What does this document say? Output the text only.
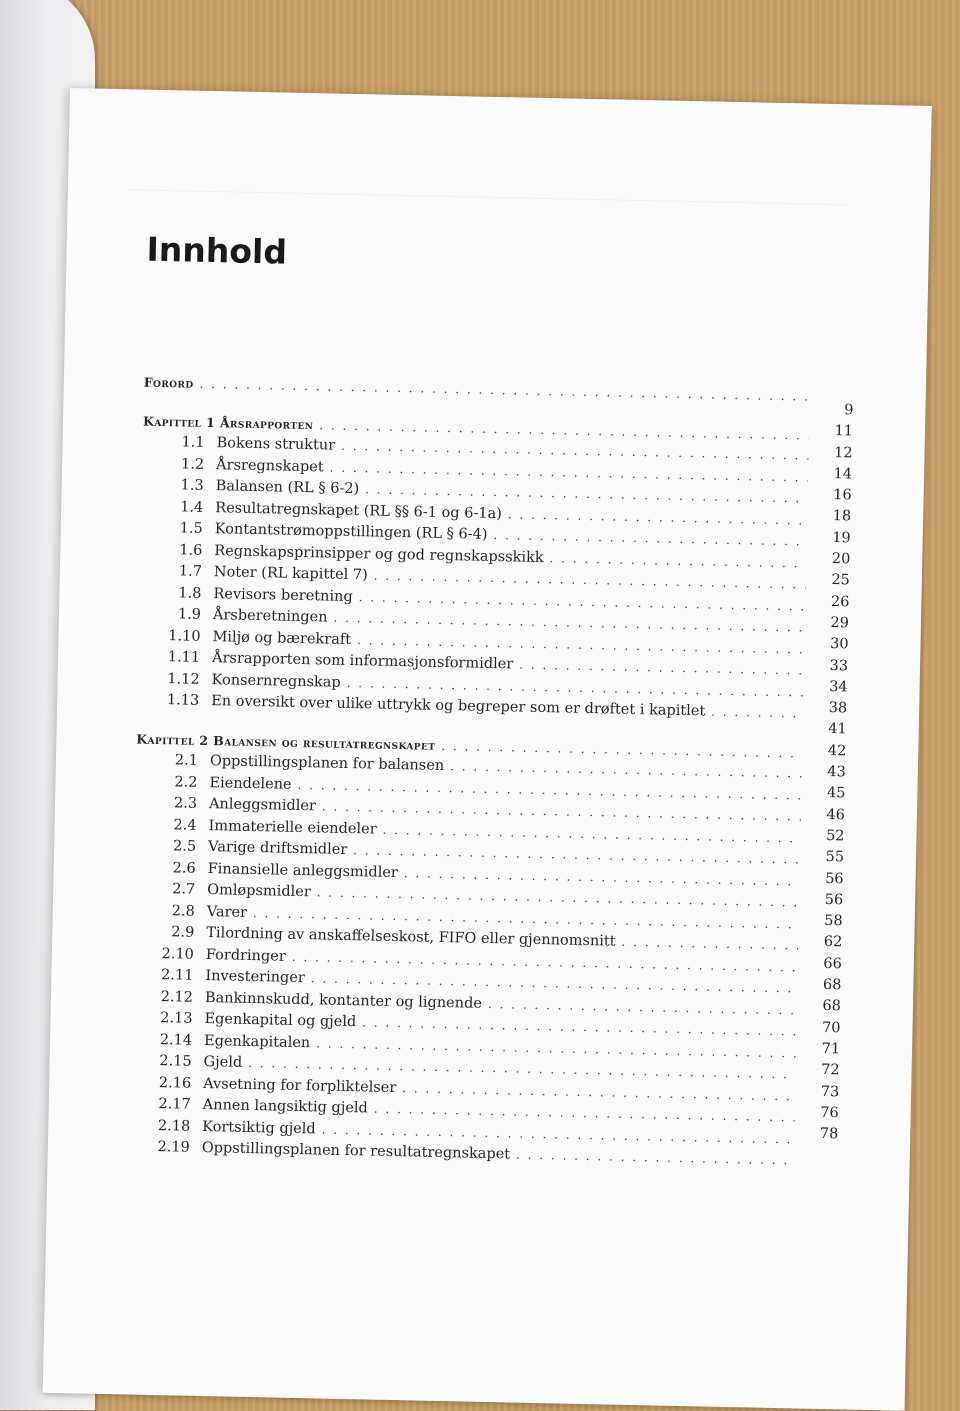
Innhold
Forord
. . .
Kapittel 1 Årsrapporten
. . .
1.1 Bokens struktur
. . .
1.2 Årsregnskapet
. . .
1.3 Balansen (RL § 6-2)
. . .
1.4 Resultatregnskapet (RL §§ 6-1 og 6-1a)
. . .
1.5 Kontantstrømoppstillingen (RL § 6-4)
. . .
1.6 Regnskapsprinsipper og god regnskapsskikk
. . .
1.7 Noter (RL kapittel 7)
. . .
1.8 Revisors beretning
. . .
1.9 Årsberetningen
. . .
1.10 Miljø og bærekraft
. . .
1.11 Årsrapporten som informasjonsformidler
. . .
1.12 Konsernregnskap
. . .
1.13 En oversikt over ulike uttrykk og begreper som er drøftet i kapitlet
. . .
Kapittel 2 Balansen og resultatregnskapet
. . .
2.1 Oppstillingsplanen for balansen
. . .
2.2 Eiendelene
. . .
2.3 Anleggsmidler
. . .
2.4 Immaterielle eiendeler
. . .
2.5 Varige driftsmidler
. . .
2.6 Finansielle anleggsmidler
. . .
2.7 Omløpsmidler
. . .
2.8 Varer
. . .
2.9 Tilordning av anskaffelseskost, FIFO eller gjennomsnitt
. . .
2.10 Fordringer
. . .
2.11 Investeringer
. . .
2.12 Bankinnskudd, kontanter og lignende
. . .
2.13 Egenkapital og gjeld
. . .
2.14 Egenkapitalen
. . .
2.15 Gjeld
. . .
2.16 Avsetning for forpliktelser
. . .
2.17 Annen langsiktig gjeld
. . .
2.18 Kortsiktig gjeld
. . .
2.19 Oppstillingsplanen for resultatregnskapet
. . .
9
11
12
14
16
18
19
20
25
26
29
30
33
34
38
41
42
43
45
46
52
55
56
56
58
62
66
68
68
70
71
72
73
76
78
